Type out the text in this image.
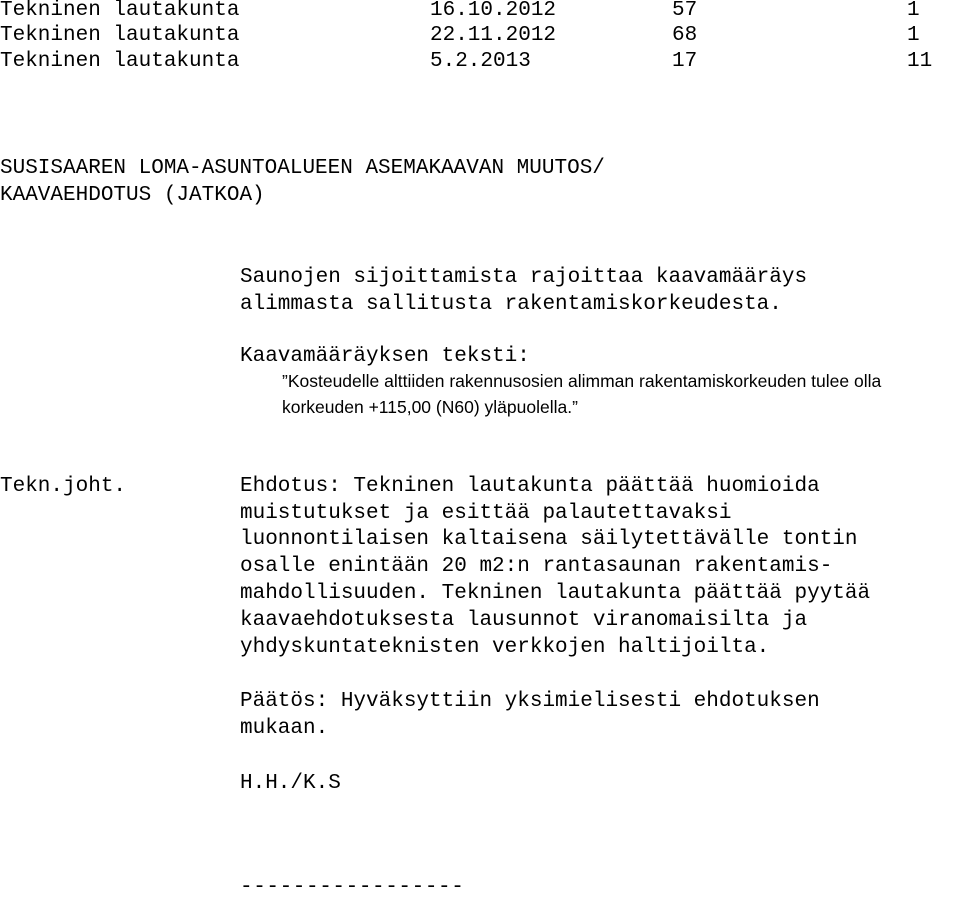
Tekninen lautakunta	16.10.2012	57	1
Tekninen lautakunta	22.11.2012	68	1
Tekninen lautakunta	5.2.2013	17	11
SUSISAAREN LOMA-ASUNTOALUEEN ASEMAKAAVAN MUUTOS/
KAAVAEHDOTUS (JATKOA)
Saunojen sijoittamista rajoittaa kaavamääräys
alimmasta sallitusta rakentamiskorkeudesta.
Kaavamääräyksen teksti:
”Kosteudelle alttiiden rakennusosien alimman rakentamiskorkeuden tulee olla
korkeuden +115,00 (N60) yläpuolella.”
Tekn.joht.	Ehdotus: Tekninen lautakunta päättää huomioida
muistutukset ja esittää palautettavaksi
luonnontilaisen kaltaisena säilytettävälle tontin
osalle enintään 20 m2:n rantasaunan rakentamis-
mahdollisuuden. Tekninen lautakunta päättää pyytää
kaavaehdotuksesta lausunnot viranomaisilta ja
yhdyskuntateknisten verkkojen haltijoilta.
Päätös: Hyväksyttiin yksimielisesti ehdotuksen
mukaan.
H.H./K.S
-----------------
